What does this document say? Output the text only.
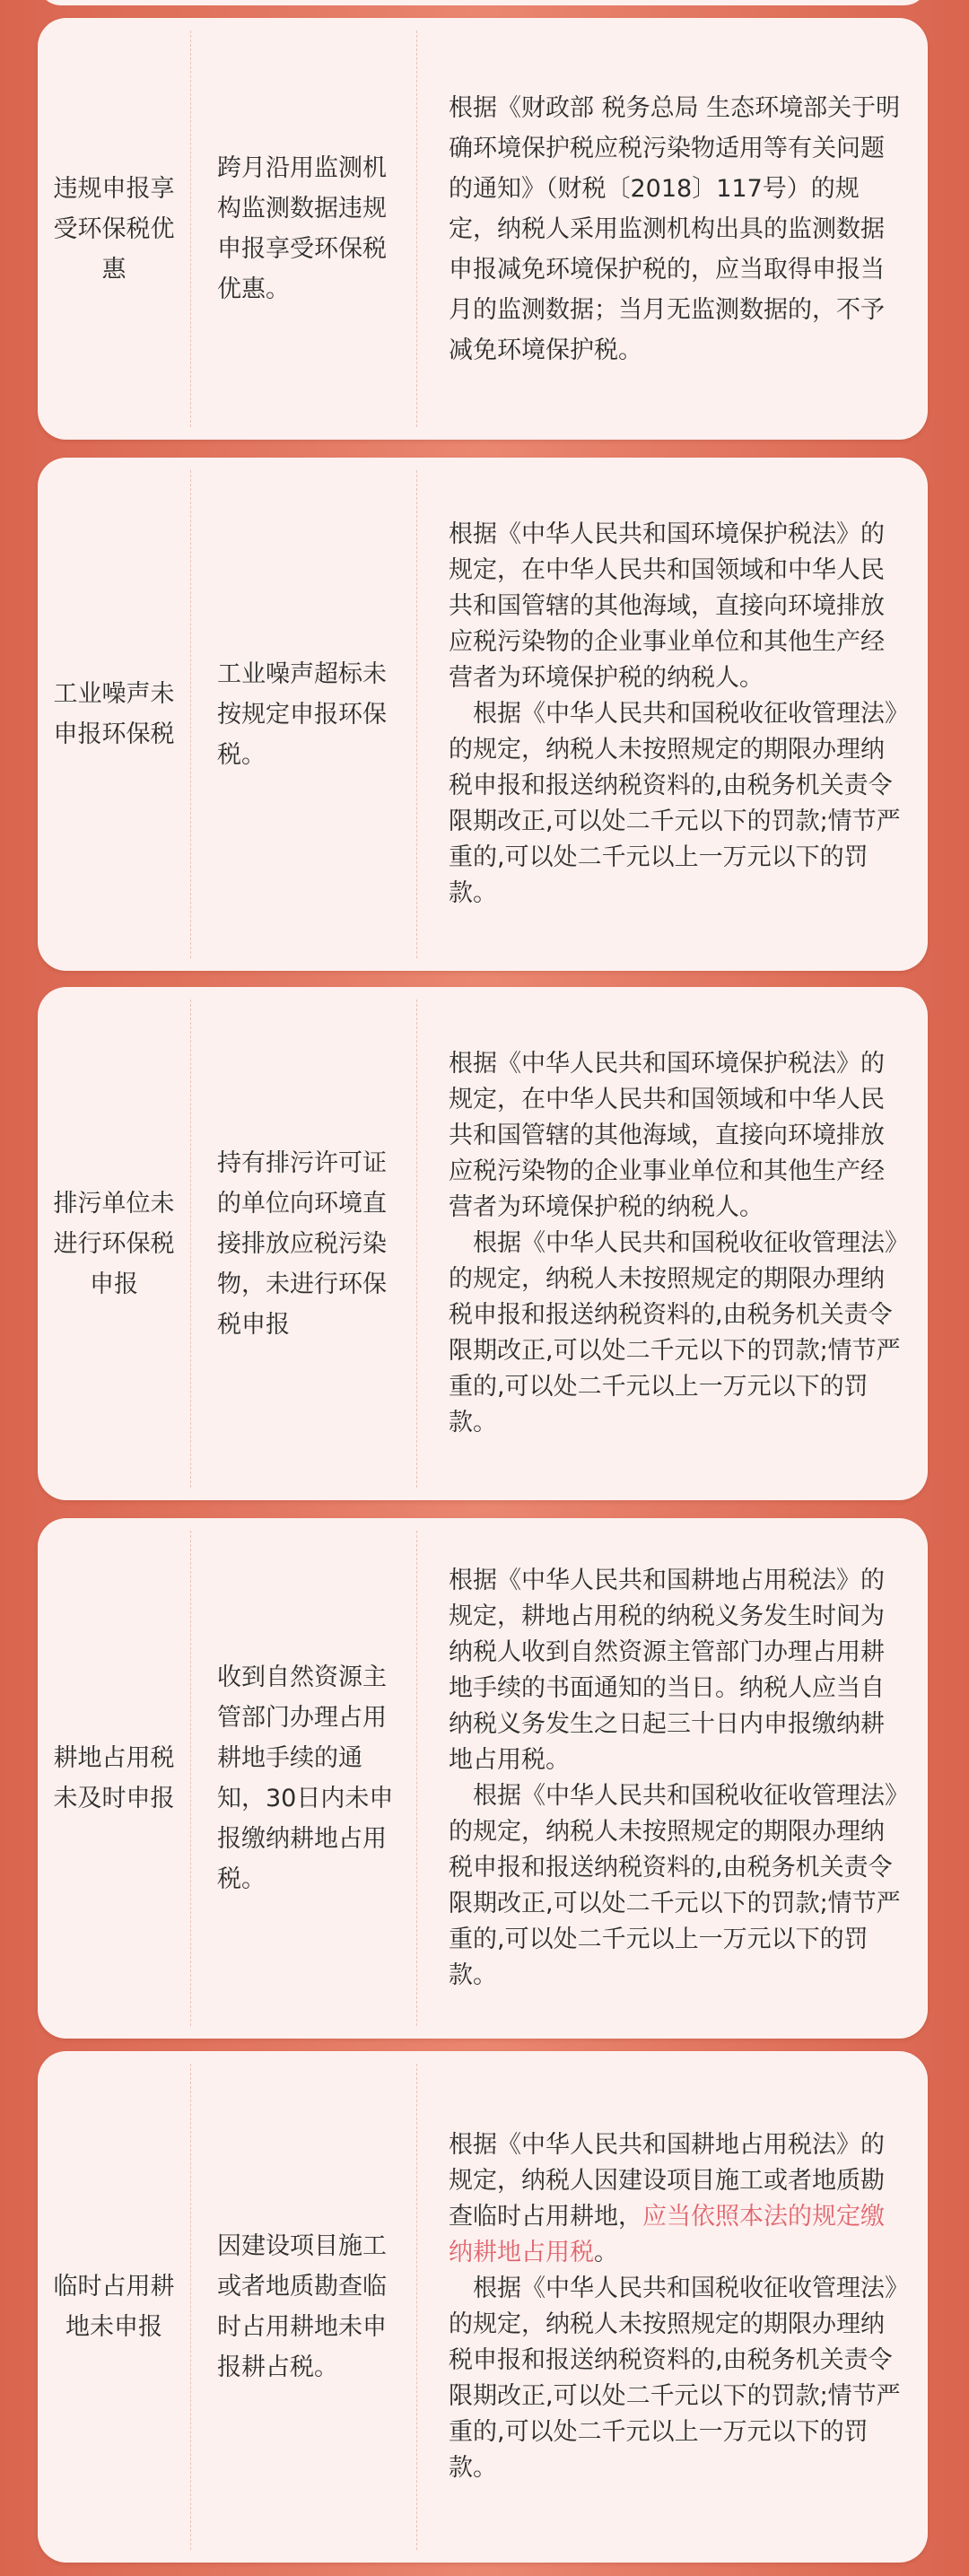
违规申报享受环保税优惠
跨月沿用监测机构监测数据违规申报享受环保税优惠。

根据《财政部 税务总局 生态环境部关于明确环境保护税应税污染物适用等有关问题的通知》（财税〔2018〕117号）的规定，纳税人采用监测机构出具的监测数据申报减免环境保护税的，应当取得申报当月的监测数据；当月无监测数据的，不予减免环境保护税。

工业噪声未申报环保税
工业噪声超标未按规定申报环保税。

根据《中华人民共和国环境保护税法》的规定，在中华人民共和国领域和中华人民共和国管辖的其他海域，直接向环境排放应税污染物的企业事业单位和其他生产经营者为环境保护税的纳税人。

根据《中华人民共和国税收征收管理法》的规定，纳税人未按照规定的期限办理纳税申报和报送纳税资料的,由税务机关责令限期改正,可以处二千元以下的罚款;情节严重的,可以处二千元以上一万元以下的罚款。

排污单位未进行环保税申报
持有排污许可证的单位向环境直接排放应税污染物，未进行环保税申报

根据《中华人民共和国环境保护税法》的规定，在中华人民共和国领域和中华人民共和国管辖的其他海域，直接向环境排放应税污染物的企业事业单位和其他生产经营者为环境保护税的纳税人。

根据《中华人民共和国税收征收管理法》的规定，纳税人未按照规定的期限办理纳税申报和报送纳税资料的,由税务机关责令限期改正,可以处二千元以下的罚款;情节严重的,可以处二千元以上一万元以下的罚款。

耕地占用税未及时申报
收到自然资源主管部门办理占用耕地手续的通知，30日内未申报缴纳耕地占用税。

根据《中华人民共和国耕地占用税法》的规定，耕地占用税的纳税义务发生时间为纳税人收到自然资源主管部门办理占用耕地手续的书面通知的当日。纳税人应当自纳税义务发生之日起三十日内申报缴纳耕地占用税。

根据《中华人民共和国税收征收管理法》的规定，纳税人未按照规定的期限办理纳税申报和报送纳税资料的,由税务机关责令限期改正,可以处二千元以下的罚款;情节严重的,可以处二千元以上一万元以下的罚款。

临时占用耕地未申报
因建设项目施工或者地质勘查临时占用耕地未申报耕占税。

根据《中华人民共和国耕地占用税法》的规定，纳税人因建设项目施工或者地质勘查临时占用耕地，应当依照本法的规定缴纳耕地占用税。

根据《中华人民共和国税收征收管理法》的规定，纳税人未按照规定的期限办理纳税申报和报送纳税资料的,由税务机关责令限期改正,可以处二千元以下的罚款;情节严重的,可以处二千元以上一万元以下的罚款。
